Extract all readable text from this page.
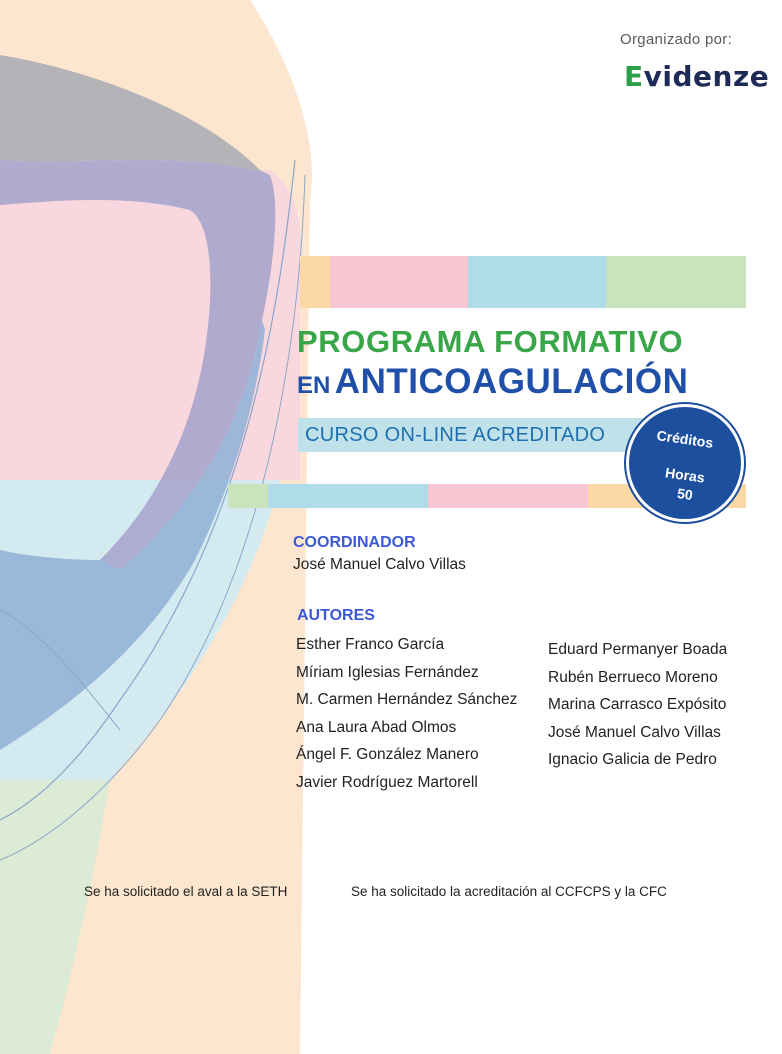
Organizado por:
Evidenze
PROGRAMA FORMATIVO
EN ANTICOAGULACIÓN
CURSO ON-LINE ACREDITADO	Créditos
Horas
50
COORDINADOR
José Manuel Calvo Villas
AUTORES
Esther Franco García
Míriam Iglesias Fernández
M. Carmen Hernández Sánchez
Ana Laura Abad Olmos
Ángel F. González Manero
Javier Rodríguez Martorell
Eduard Permanyer Boada
Rubén Berrueco Moreno
Marina Carrasco Expósito
José Manuel Calvo Villas
Ignacio Galicia de Pedro
Se ha solicitado el aval a la SETH	Se ha solicitado la acreditación al CCFCPS y la CFC
